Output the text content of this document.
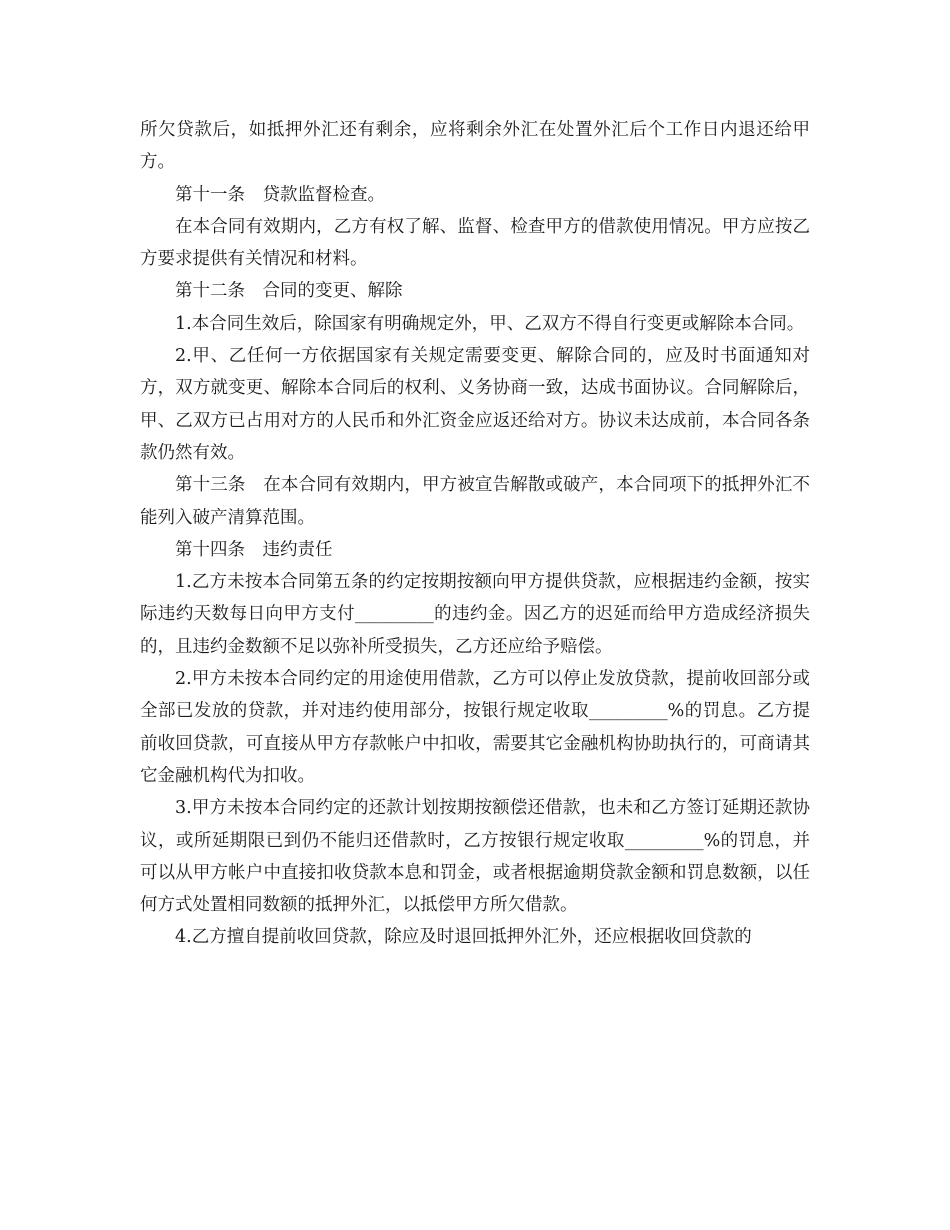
所欠贷款后，如抵押外汇还有剩余，应将剩余外汇在处置外汇后个工作日内退还给甲方。

第十一条　贷款监督检查。

在本合同有效期内，乙方有权了解、监督、检查甲方的借款使用情况。甲方应按乙方要求提供有关情况和材料。

第十二条　合同的变更、解除

1.本合同生效后，除国家有明确规定外，甲、乙双方不得自行变更或解除本合同。

2.甲、乙任何一方依据国家有关规定需要变更、解除合同的，应及时书面通知对方，双方就变更、解除本合同后的权利、义务协商一致，达成书面协议。合同解除后，甲、乙双方已占用对方的人民币和外汇资金应返还给对方。协议未达成前，本合同各条款仍然有效。

第十三条　在本合同有效期内，甲方被宣告解散或破产，本合同项下的抵押外汇不能列入破产清算范围。

第十四条　违约责任

1.乙方未按本合同第五条的约定按期按额向甲方提供贷款，应根据违约金额，按实际违约天数每日向甲方支付_________的违约金。因乙方的迟延而给甲方造成经济损失的，且违约金数额不足以弥补所受损失，乙方还应给予赔偿。

2.甲方未按本合同约定的用途使用借款，乙方可以停止发放贷款，提前收回部分或全部已发放的贷款，并对违约使用部分，按银行规定收取_________%的罚息。乙方提前收回贷款，可直接从甲方存款帐户中扣收，需要其它金融机构协助执行的，可商请其它金融机构代为扣收。

3.甲方未按本合同约定的还款计划按期按额偿还借款，也未和乙方签订延期还款协议，或所延期限已到仍不能归还借款时，乙方按银行规定收取_________%的罚息，并可以从甲方帐户中直接扣收贷款本息和罚金，或者根据逾期贷款金额和罚息数额，以任何方式处置相同数额的抵押外汇，以抵偿甲方所欠借款。

4.乙方擅自提前收回贷款，除应及时退回抵押外汇外，还应根据收回贷款的
